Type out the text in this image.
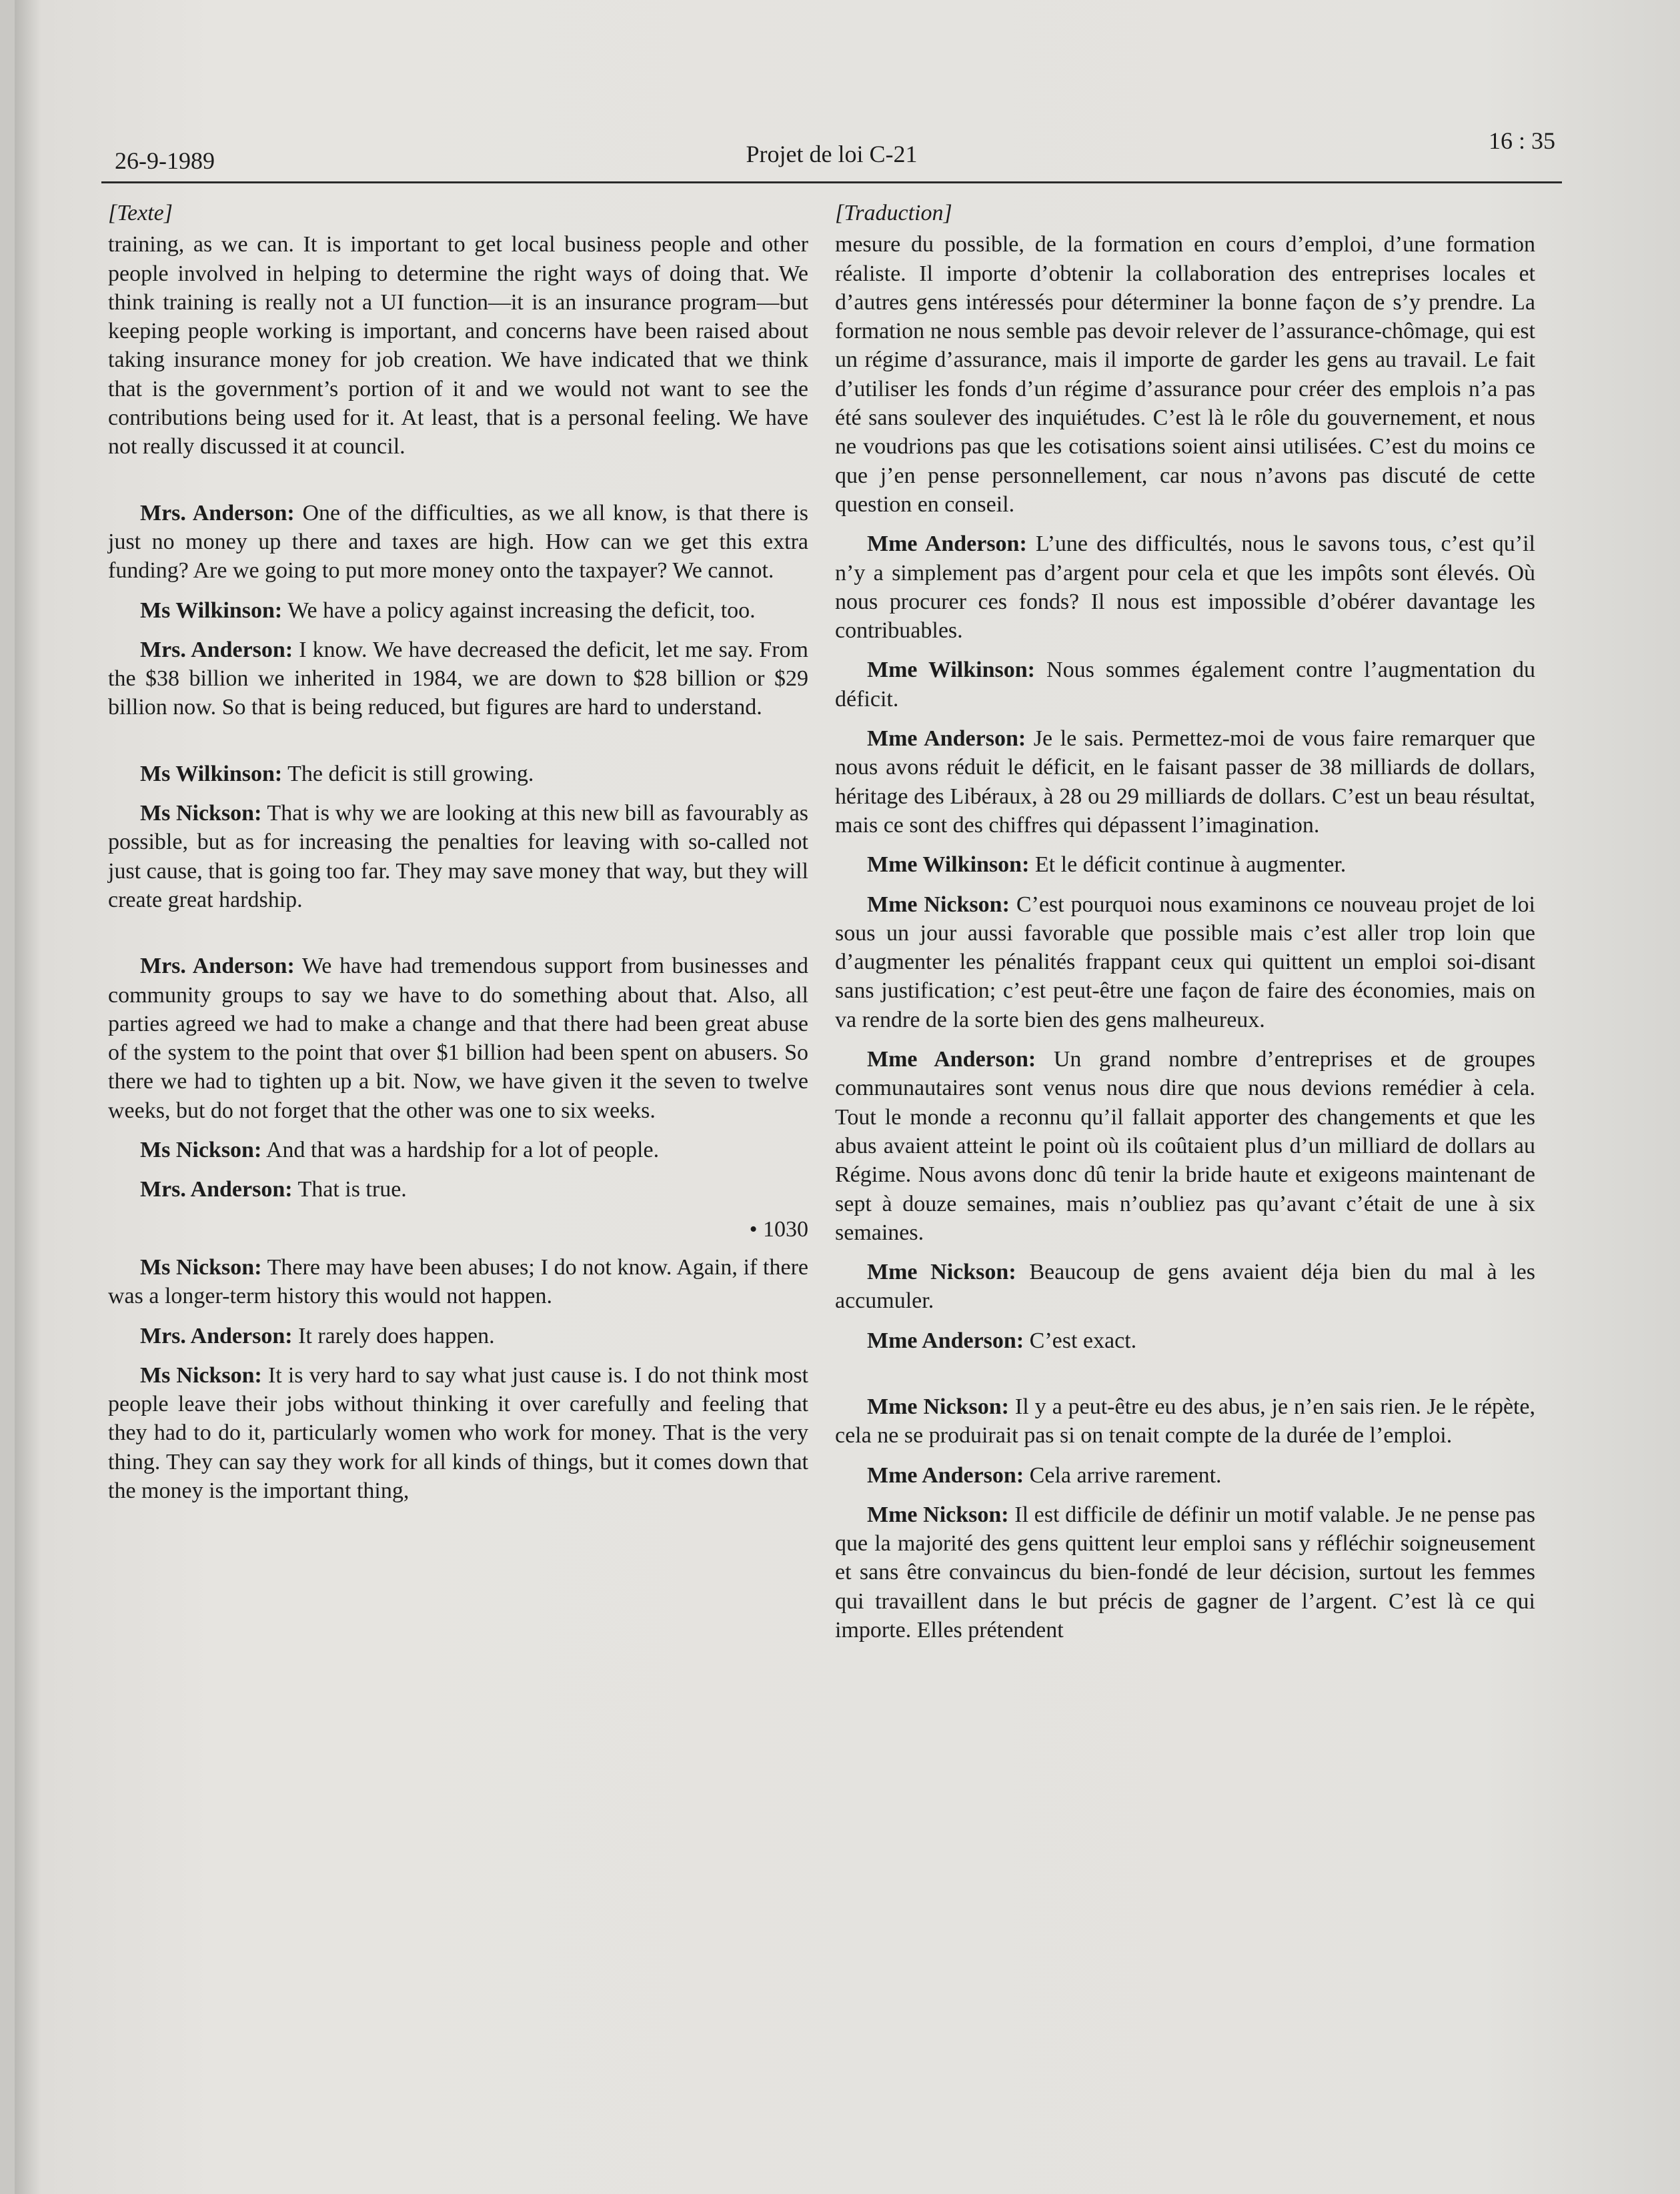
26-9-1989	Projet de loi C-21	16 : 35
[Texte]

training, as we can. It is important to get local business people and other people involved in helping to determine the right ways of doing that. We think training is really not a UI function—it is an insurance program—but keeping people working is important, and concerns have been raised about taking insurance money for job creation. We have indicated that we think that is the government’s portion of it and we would not want to see the contributions being used for it. At least, that is a personal feeling. We have not really discussed it at council.

Mrs. Anderson: One of the difficulties, as we all know, is that there is just no money up there and taxes are high. How can we get this extra funding? Are we going to put more money onto the taxpayer? We cannot.

Ms Wilkinson: We have a policy against increasing the deficit, too.

Mrs. Anderson: I know. We have decreased the deficit, let me say. From the $38 billion we inherited in 1984, we are down to $28 billion or $29 billion now. So that is being reduced, but figures are hard to understand.

Ms Wilkinson: The deficit is still growing.

Ms Nickson: That is why we are looking at this new bill as favourably as possible, but as for increasing the penalties for leaving with so-called not just cause, that is going too far. They may save money that way, but they will create great hardship.

Mrs. Anderson: We have had tremendous support from businesses and community groups to say we have to do something about that. Also, all parties agreed we had to make a change and that there had been great abuse of the system to the point that over $1 billion had been spent on abusers. So there we had to tighten up a bit. Now, we have given it the seven to twelve weeks, but do not forget that the other was one to six weeks.

Ms Nickson: And that was a hardship for a lot of people.

Mrs. Anderson: That is true.

• 1030

Ms Nickson: There may have been abuses; I do not know. Again, if there was a longer-term history this would not happen.

Mrs. Anderson: It rarely does happen.

Ms Nickson: It is very hard to say what just cause is. I do not think most people leave their jobs without thinking it over carefully and feeling that they had to do it, particularly women who work for money. That is the very thing. They can say they work for all kinds of things, but it comes down that the money is the important thing,

[Traduction]

mesure du possible, de la formation en cours d’emploi, d’une formation réaliste. Il importe d’obtenir la collaboration des entreprises locales et d’autres gens intéressés pour déterminer la bonne façon de s’y prendre. La formation ne nous semble pas devoir relever de l’assurance-chômage, qui est un régime d’assurance, mais il importe de garder les gens au travail. Le fait d’utiliser les fonds d’un régime d’assurance pour créer des emplois n’a pas été sans soulever des inquiétudes. C’est là le rôle du gouvernement, et nous ne voudrions pas que les cotisations soient ainsi utilisées. C’est du moins ce que j’en pense personnellement, car nous n’avons pas discuté de cette question en conseil.

Mme Anderson: L’une des difficultés, nous le savons tous, c’est qu’il n’y a simplement pas d’argent pour cela et que les impôts sont élevés. Où nous procurer ces fonds? Il nous est impossible d’obérer davantage les contribuables.

Mme Wilkinson: Nous sommes également contre l’augmentation du déficit.

Mme Anderson: Je le sais. Permettez-moi de vous faire remarquer que nous avons réduit le déficit, en le faisant passer de 38 milliards de dollars, héritage des Libéraux, à 28 ou 29 milliards de dollars. C’est un beau résultat, mais ce sont des chiffres qui dépassent l’imagination.

Mme Wilkinson: Et le déficit continue à augmenter.

Mme Nickson: C’est pourquoi nous examinons ce nouveau projet de loi sous un jour aussi favorable que possible mais c’est aller trop loin que d’augmenter les pénalités frappant ceux qui quittent un emploi soi-disant sans justification; c’est peut-être une façon de faire des économies, mais on va rendre de la sorte bien des gens malheureux.

Mme Anderson: Un grand nombre d’entreprises et de groupes communautaires sont venus nous dire que nous devions remédier à cela. Tout le monde a reconnu qu’il fallait apporter des changements et que les abus avaient atteint le point où ils coûtaient plus d’un milliard de dollars au Régime. Nous avons donc dû tenir la bride haute et exigeons maintenant de sept à douze semaines, mais n’oubliez pas qu’avant c’était de une à six semaines.

Mme Nickson: Beaucoup de gens avaient déja bien du mal à les accumuler.

Mme Anderson: C’est exact.

Mme Nickson: Il y a peut-être eu des abus, je n’en sais rien. Je le répète, cela ne se produirait pas si on tenait compte de la durée de l’emploi.

Mme Anderson: Cela arrive rarement.

Mme Nickson: Il est difficile de définir un motif valable. Je ne pense pas que la majorité des gens quittent leur emploi sans y réfléchir soigneusement et sans être convaincus du bien-fondé de leur décision, surtout les femmes qui travaillent dans le but précis de gagner de l’argent. C’est là ce qui importe. Elles prétendent
